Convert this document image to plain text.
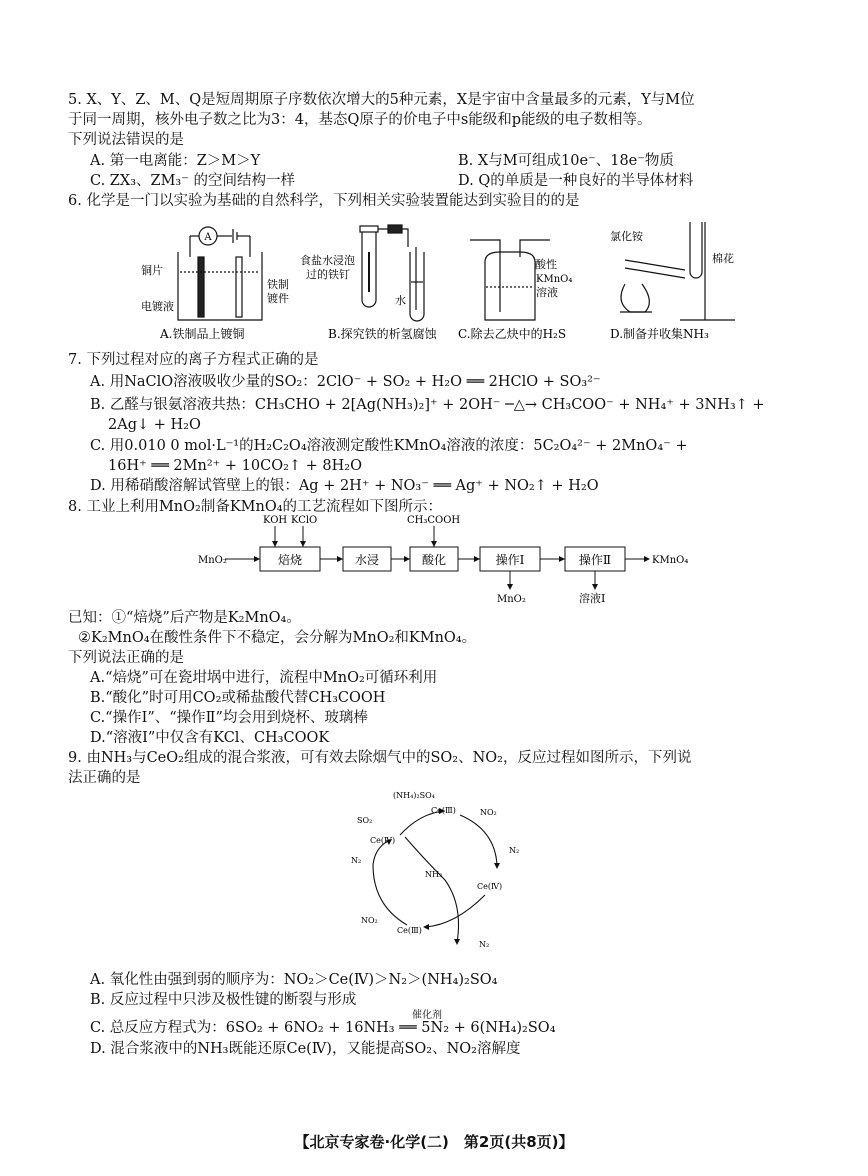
5. X、Y、Z、M、Q是短周期原子序数依次增大的5种元素，X是宇宙中含量最多的元素，Y与M位
于同一周期，核外电子数之比为3：4，基态Q原子的价电子中s能级和p能级的电子数相等。
下列说法错误的是
A. 第一电离能：Z＞M＞Y	B. X与M可组成10e⁻、18e⁻物质
C. ZX₃、ZM₃⁻ 的空间结构一样	D. Q的单质是一种良好的半导体材料
6. 化学是一门以实验为基础的自然科学，下列相关实验装置能达到实验目的的是
A
铜片
电镀液
铁制
镀件
A.铁制品上镀铜
食盐水浸泡
过的铁钉
水
B.探究铁的析氢腐蚀
酸性
KMnO₄
溶液
C.除去乙炔中的H₂S
氯化铵
棉花
D.制备并收集NH₃
7. 下列过程对应的离子方程式正确的是
A. 用NaClO溶液吸收少量的SO₂：2ClO⁻ + SO₂ + H₂O ══ 2HClO + SO₃²⁻
B. 乙醛与银氨溶液共热：CH₃CHO + 2[Ag(NH₃)₂]⁺ + 2OH⁻ ─△→ CH₃COO⁻ + NH₄⁺ + 3NH₃↑ +
2Ag↓ + H₂O
C. 用0.010 0 mol·L⁻¹的H₂C₂O₄溶液测定酸性KMnO₄溶液的浓度：5C₂O₄²⁻ + 2MnO₄⁻ +
16H⁺ ══ 2Mn²⁺ + 10CO₂↑ + 8H₂O
D. 用稀硝酸溶解试管壁上的银：Ag + 2H⁺ + NO₃⁻ ══ Ag⁺ + NO₂↑ + H₂O
8. 工业上利用MnO₂制备KMnO₄的工艺流程如下图所示：
MnO₂
KOH KClO	CH₃COOH
焙烧	水浸	酸化	操作Ⅰ	操作Ⅱ	KMnO₄
MnO₂	溶液Ⅰ
已知：①“焙烧”后产物是K₂MnO₄。
②K₂MnO₄在酸性条件下不稳定，会分解为MnO₂和KMnO₄。
下列说法正确的是
A.“焙烧”可在瓷坩埚中进行，流程中MnO₂可循环利用
B.“酸化”时可用CO₂或稀盐酸代替CH₃COOH
C.“操作Ⅰ”、“操作Ⅱ”均会用到烧杯、玻璃棒
D.“溶液Ⅰ”中仅含有KCl、CH₃COOK
9. 由NH₃与CeO₂组成的混合浆液，可有效去除烟气中的SO₂、NO₂，反应过程如图所示，下列说
法正确的是
(NH₄)₂SO₄
Ce(Ⅲ)	NO₂
SO₂
Ce(Ⅳ)
N₂
N₂
NH₃
Ce(Ⅳ)
NO₂
Ce(Ⅲ)
N₂
A. 氧化性由强到弱的顺序为：NO₂＞Ce(Ⅳ)＞N₂＞(NH₄)₂SO₄
B. 反应过程中只涉及极性键的断裂与形成
催化剂
C. 总反应方程式为：6SO₂ + 6NO₂ + 16NH₃ ══ 5N₂ + 6(NH₄)₂SO₄
D. 混合浆液中的NH₃既能还原Ce(Ⅳ)，又能提高SO₂、NO₂溶解度
【北京专家卷·化学(二)　第2页(共8页)】
